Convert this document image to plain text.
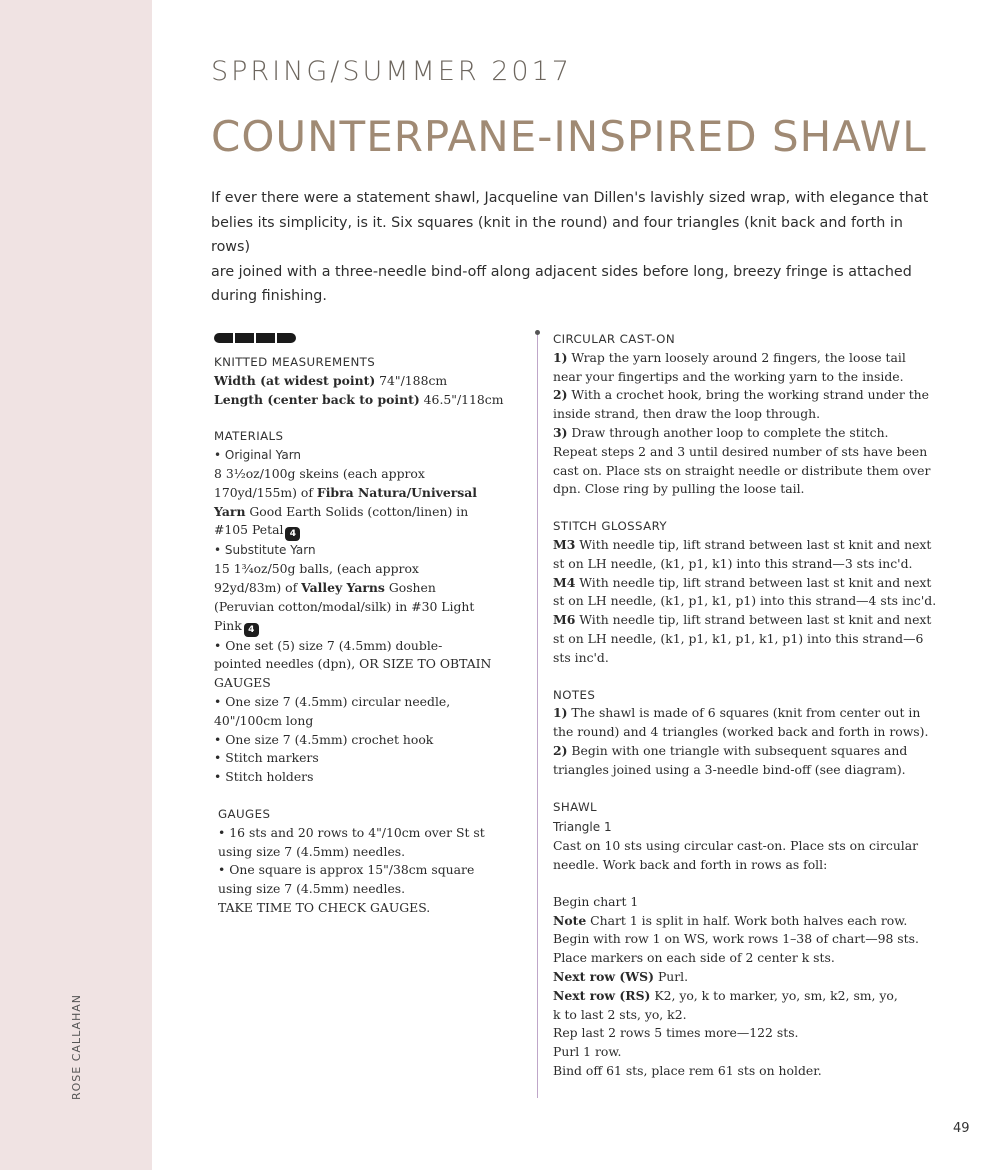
ROSE CALLAHAN
SPRING/SUMMER 2017
COUNTERPANE-INSPIRED SHAWL
If ever there were a statement shawl, Jacqueline van Dillen's lavishly sized wrap, with elegance that
belies its simplicity, is it. Six squares (knit in the round) and four triangles (knit back and forth in rows)
are joined with a three-needle bind-off along adjacent sides before long, breezy fringe is attached
during finishing.
KNITTED MEASUREMENTS
Width (at widest point) 74"/188cm
Length (center back to point) 46.5"/118cm
MATERIALS
• Original Yarn
8 3½oz/100g skeins (each approx
170yd/155m) of Fibra Natura/Universal
Yarn Good Earth Solids (cotton/linen) in
#105 Petal 4
• Substitute Yarn
15 1¾oz/50g balls, (each approx
92yd/83m) of Valley Yarns Goshen
(Peruvian cotton/modal/silk) in #30 Light
Pink 4
• One set (5) size 7 (4.5mm) double-
pointed needles (dpn), OR SIZE TO OBTAIN
GAUGES
• One size 7 (4.5mm) circular needle,
40"/100cm long
• One size 7 (4.5mm) crochet hook
• Stitch markers
• Stitch holders
GAUGES
• 16 sts and 20 rows to 4"/10cm over St st
using size 7 (4.5mm) needles.
• One square is approx 15"/38cm square
using size 7 (4.5mm) needles.
TAKE TIME TO CHECK GAUGES.
CIRCULAR CAST-ON
1) Wrap the yarn loosely around 2 fingers, the loose tail
near your fingertips and the working yarn to the inside.
2) With a crochet hook, bring the working strand under the
inside strand, then draw the loop through.
3) Draw through another loop to complete the stitch.
Repeat steps 2 and 3 until desired number of sts have been
cast on. Place sts on straight needle or distribute them over
dpn. Close ring by pulling the loose tail.
STITCH GLOSSARY
M3 With needle tip, lift strand between last st knit and next
st on LH needle, (k1, p1, k1) into this strand—3 sts inc'd.
M4 With needle tip, lift strand between last st knit and next
st on LH needle, (k1, p1, k1, p1) into this strand—4 sts inc'd.
M6 With needle tip, lift strand between last st knit and next
st on LH needle, (k1, p1, k1, p1, k1, p1) into this strand—6
sts inc'd.
NOTES
1) The shawl is made of 6 squares (knit from center out in
the round) and 4 triangles (worked back and forth in rows).
2) Begin with one triangle with subsequent squares and
triangles joined using a 3-needle bind-off (see diagram).
SHAWL
Triangle 1
Cast on 10 sts using circular cast-on. Place sts on circular
needle. Work back and forth in rows as foll:
Begin chart 1
Note Chart 1 is split in half. Work both halves each row.
Begin with row 1 on WS, work rows 1–38 of chart—98 sts.
Place markers on each side of 2 center k sts.
Next row (WS) Purl.
Next row (RS) K2, yo, k to marker, yo, sm, k2, sm, yo,
k to last 2 sts, yo, k2.
Rep last 2 rows 5 times more—122 sts.
Purl 1 row.
Bind off 61 sts, place rem 61 sts on holder.
49
